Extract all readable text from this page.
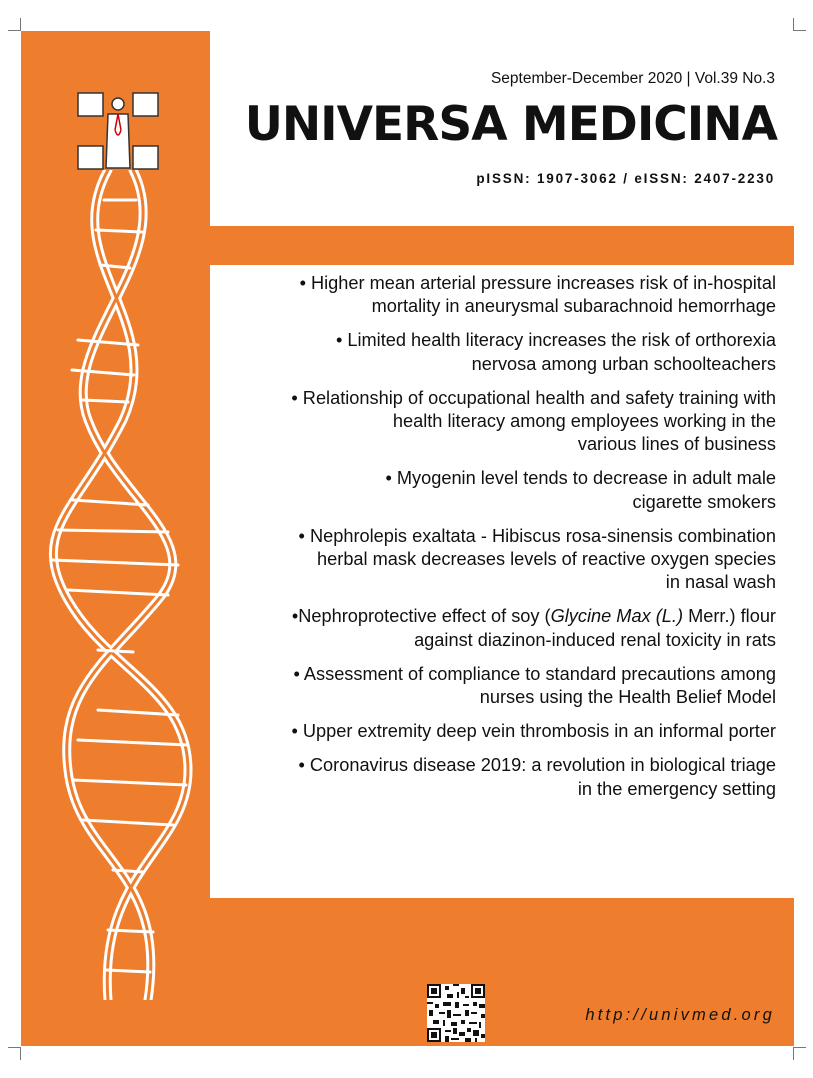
September-December 2020 | Vol.39 No.3
UNIVERSA MEDICINA
pISSN: 1907-3062 / eISSN: 2407-2230
• Higher mean arterial pressure increases risk of in-hospital
mortality in aneurysmal subarachnoid hemorrhage
• Limited health literacy increases the risk of orthorexia
nervosa among urban schoolteachers
• Relationship of occupational health and safety training with
health literacy among employees working in the
various lines of business
• Myogenin level tends to decrease in adult male
cigarette smokers
• Nephrolepis exaltata - Hibiscus rosa-sinensis combination
herbal mask decreases levels of reactive oxygen species
in nasal wash
•Nephroprotective effect of soy (Glycine Max (L.) Merr.) flour
against diazinon-induced renal toxicity in rats
• Assessment of compliance to standard precautions among
nurses using the Health Belief Model
• Upper extremity deep vein thrombosis in an informal porter
• Coronavirus disease 2019: a revolution in biological triage
in the emergency setting
http://univmed.org
